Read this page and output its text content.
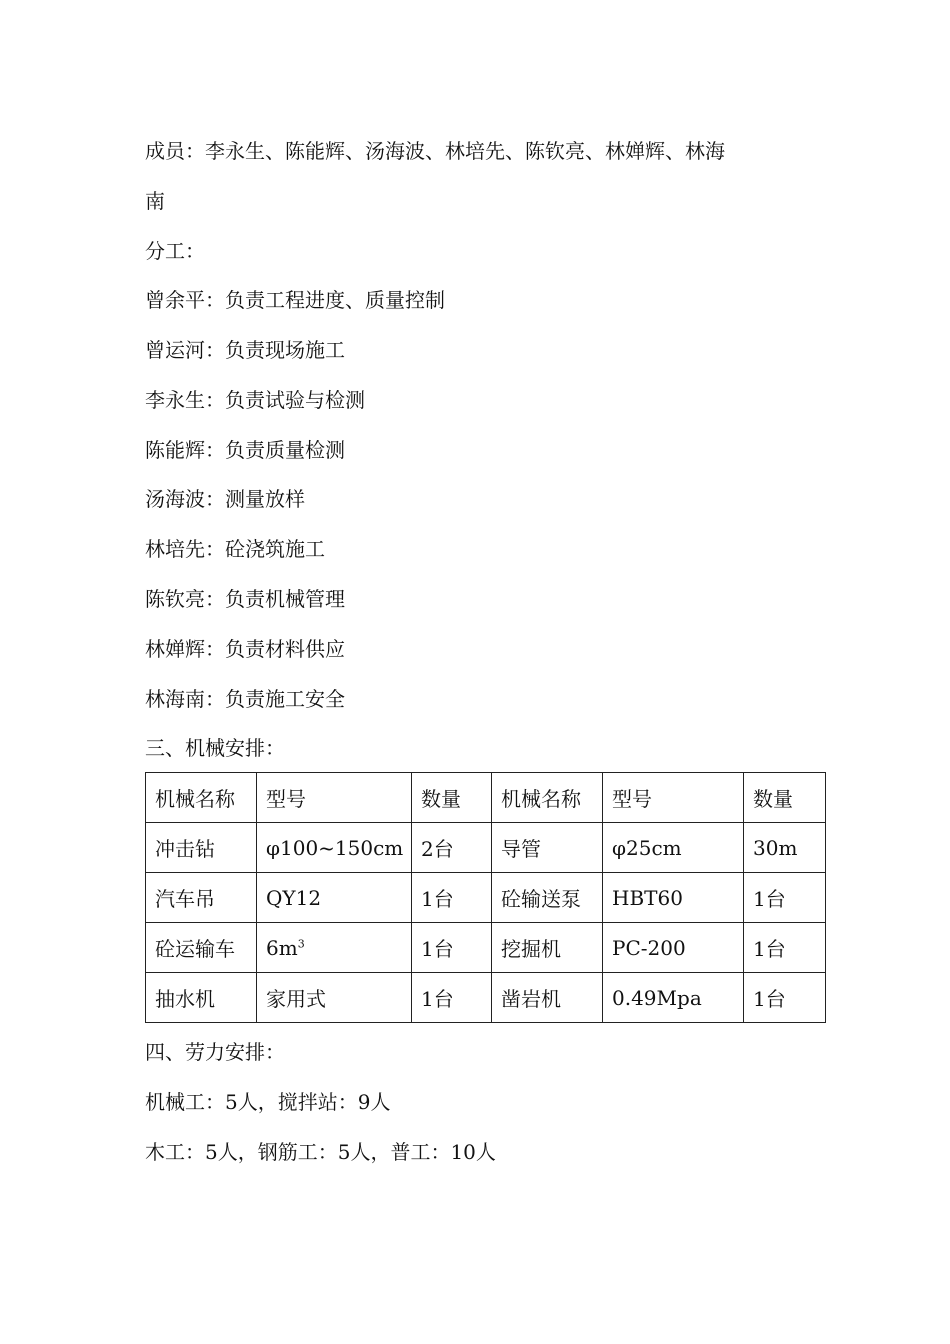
成员：李永生、陈能辉、汤海波、林培先、陈钦亮、林婵辉、林海
南
分工：
曾余平：负责工程进度、质量控制
曾运河：负责现场施工
李永生：负责试验与检测
陈能辉：负责质量检测
汤海波：测量放样
林培先：砼浇筑施工
陈钦亮：负责机械管理
林婵辉：负责材料供应
林海南：负责施工安全
三、机械安排：
机械名称	型号	数量	机械名称	型号	数量
冲击钻	φ100~150cm	2台	导管	φ25cm	30m
汽车吊	QY12	1台	砼输送泵	HBT60	1台
砼运输车	$6m^3$	1台	挖掘机	PC-200	1台
抽水机	家用式	1台	凿岩机	0.49Mpa	1台
四、劳力安排：
机械工：5人，搅拌站：9人
木工：5人，钢筋工：5人，普工：10人
